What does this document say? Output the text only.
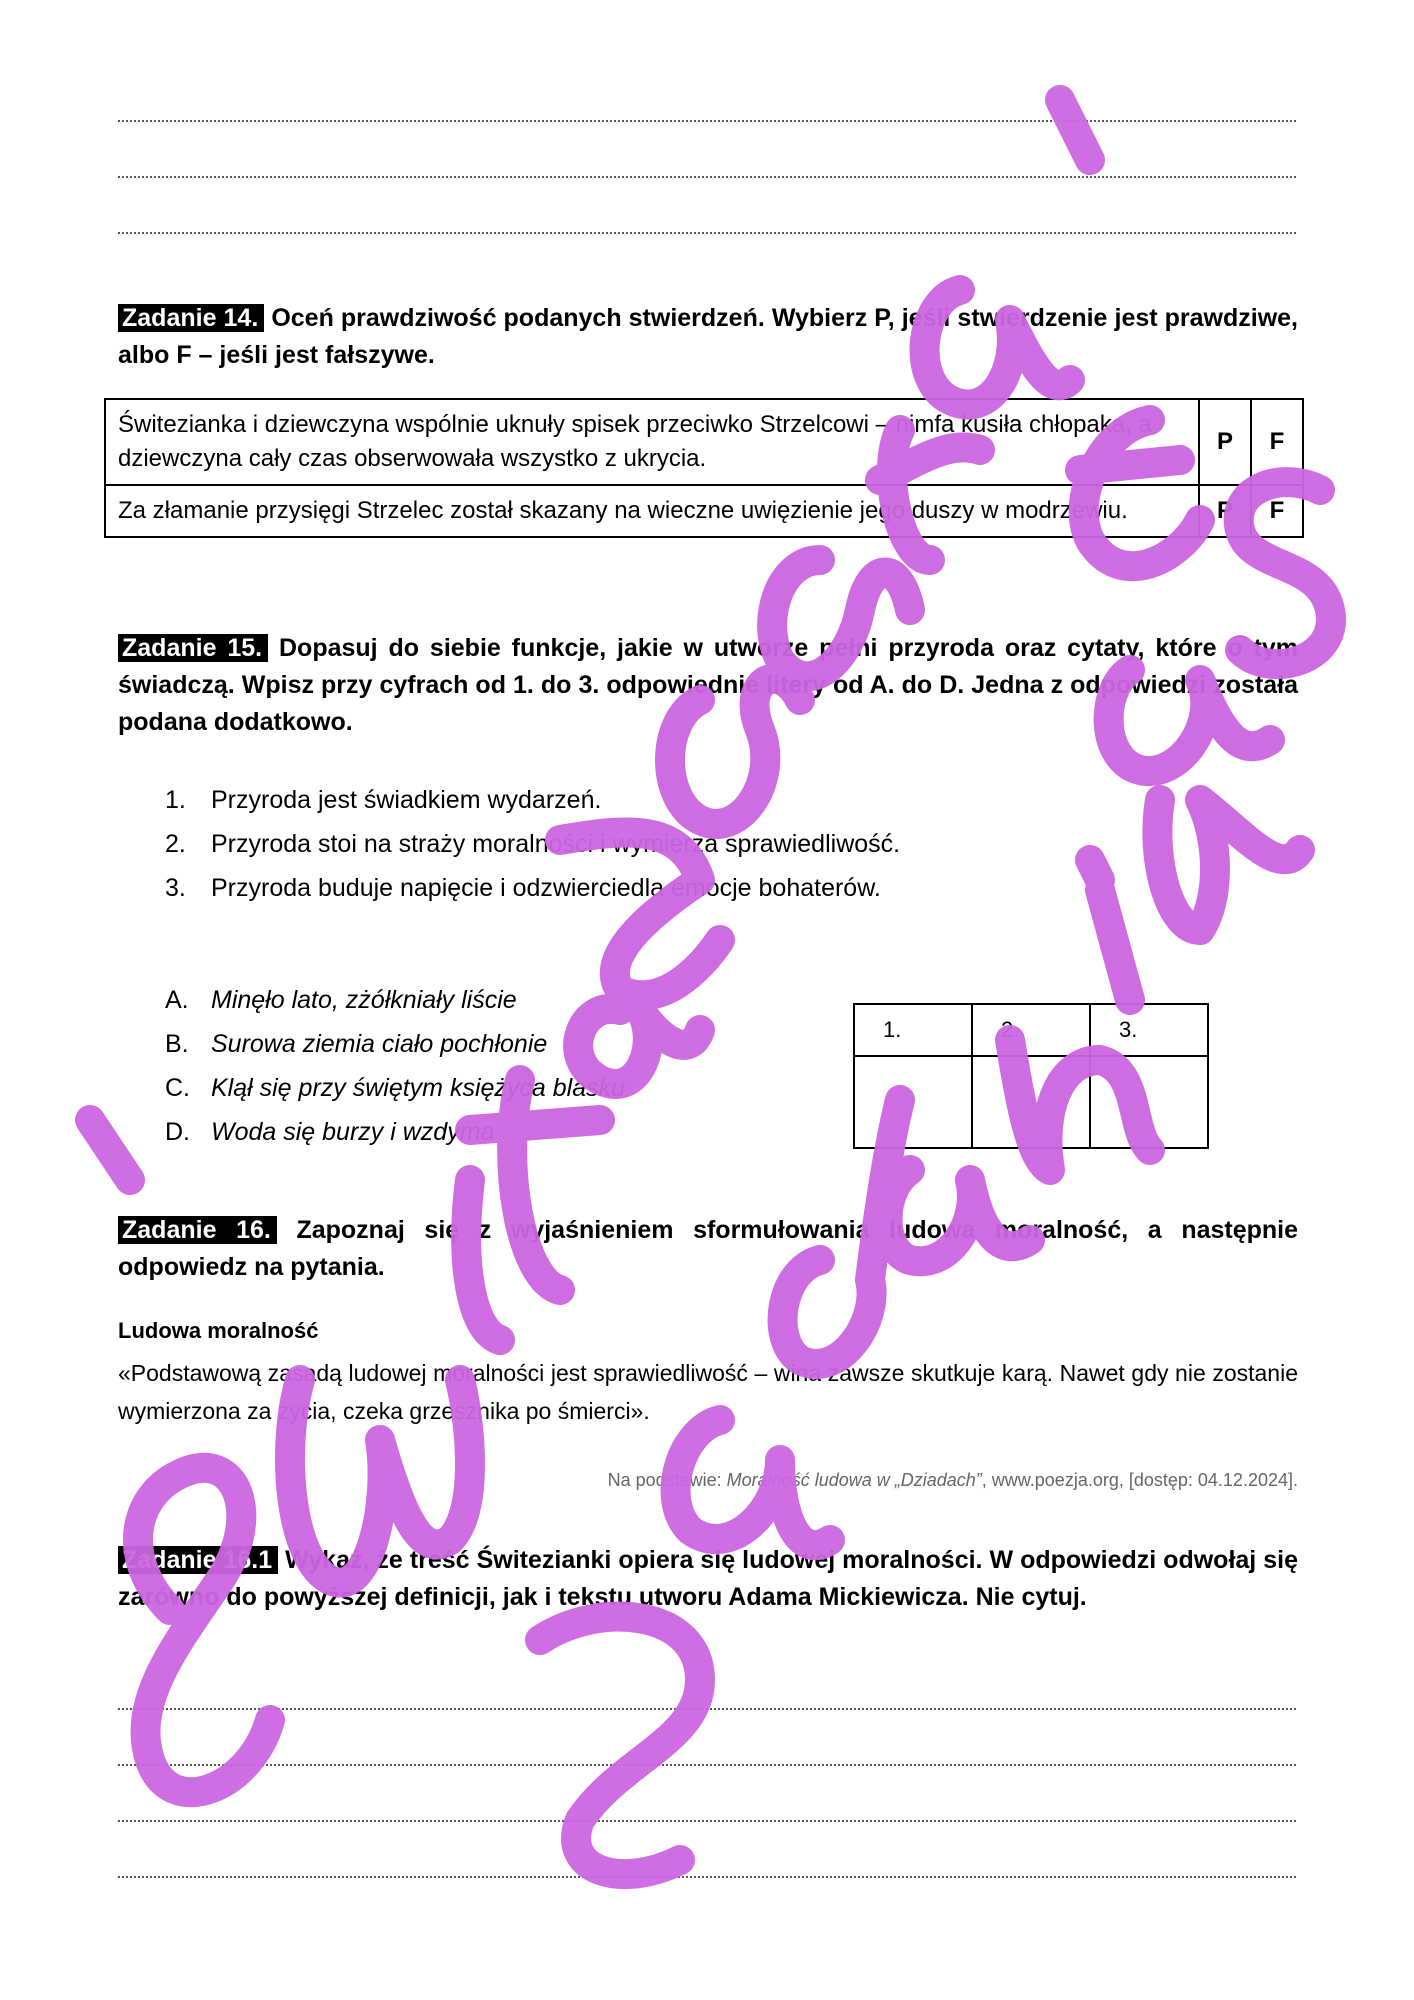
Zadanie 14. Oceń prawdziwość podanych stwierdzeń. Wybierz P, jeśli stwierdzenie jest prawdziwe, albo F – jeśli jest fałszywe.
Świtezianka i dziewczyna wspólnie uknuły spisek przeciwko Strzelcowi – nimfa kusiła chłopaka, a dziewczyna cały czas obserwowała wszystko z ukrycia.	P	F
Za złamanie przysięgi Strzelec został skazany na wieczne uwięzienie jego duszy w modrzewiu.	P	F
Zadanie 15. Dopasuj do siebie funkcje, jakie w utworze pełni przyroda oraz cytaty, które o tym świadczą. Wpisz przy cyfrach od 1. do 3. odpowiednie litery od A. do D. Jedna z odpowiedzi została podana dodatkowo.
1. Przyroda jest świadkiem wydarzeń.
2. Przyroda stoi na straży moralności i wymierza sprawiedliwość.
3. Przyroda buduje napięcie i odzwierciedla emocje bohaterów.
A. Minęło lato, zżółkniały liście
B. Surowa ziemia ciało pochłonie
C. Klął się przy świętym księżyca blasku
D. Woda się burzy i wzdyma
1.	2.	3.

Zadanie 16. Zapoznaj się z wyjaśnieniem sformułowania ludowa moralność, a następnie odpowiedz na pytania.
Ludowa moralność
«Podstawową zasadą ludowej moralności jest sprawiedliwość – wina zawsze skutkuje karą. Nawet gdy nie zostanie wymierzona za życia, czeka grzesznika po śmierci».
Na podstawie: Moralność ludowa w „Dziadach”, www.poezja.org, [dostęp: 04.12.2024].
Zadanie 16.1 Wykaż, że treść Świtezianki opiera się ludowej moralności. W odpowiedzi odwołaj się zarówno do powyższej definicji, jak i tekstu utworu Adama Mickiewicza. Nie cytuj.
